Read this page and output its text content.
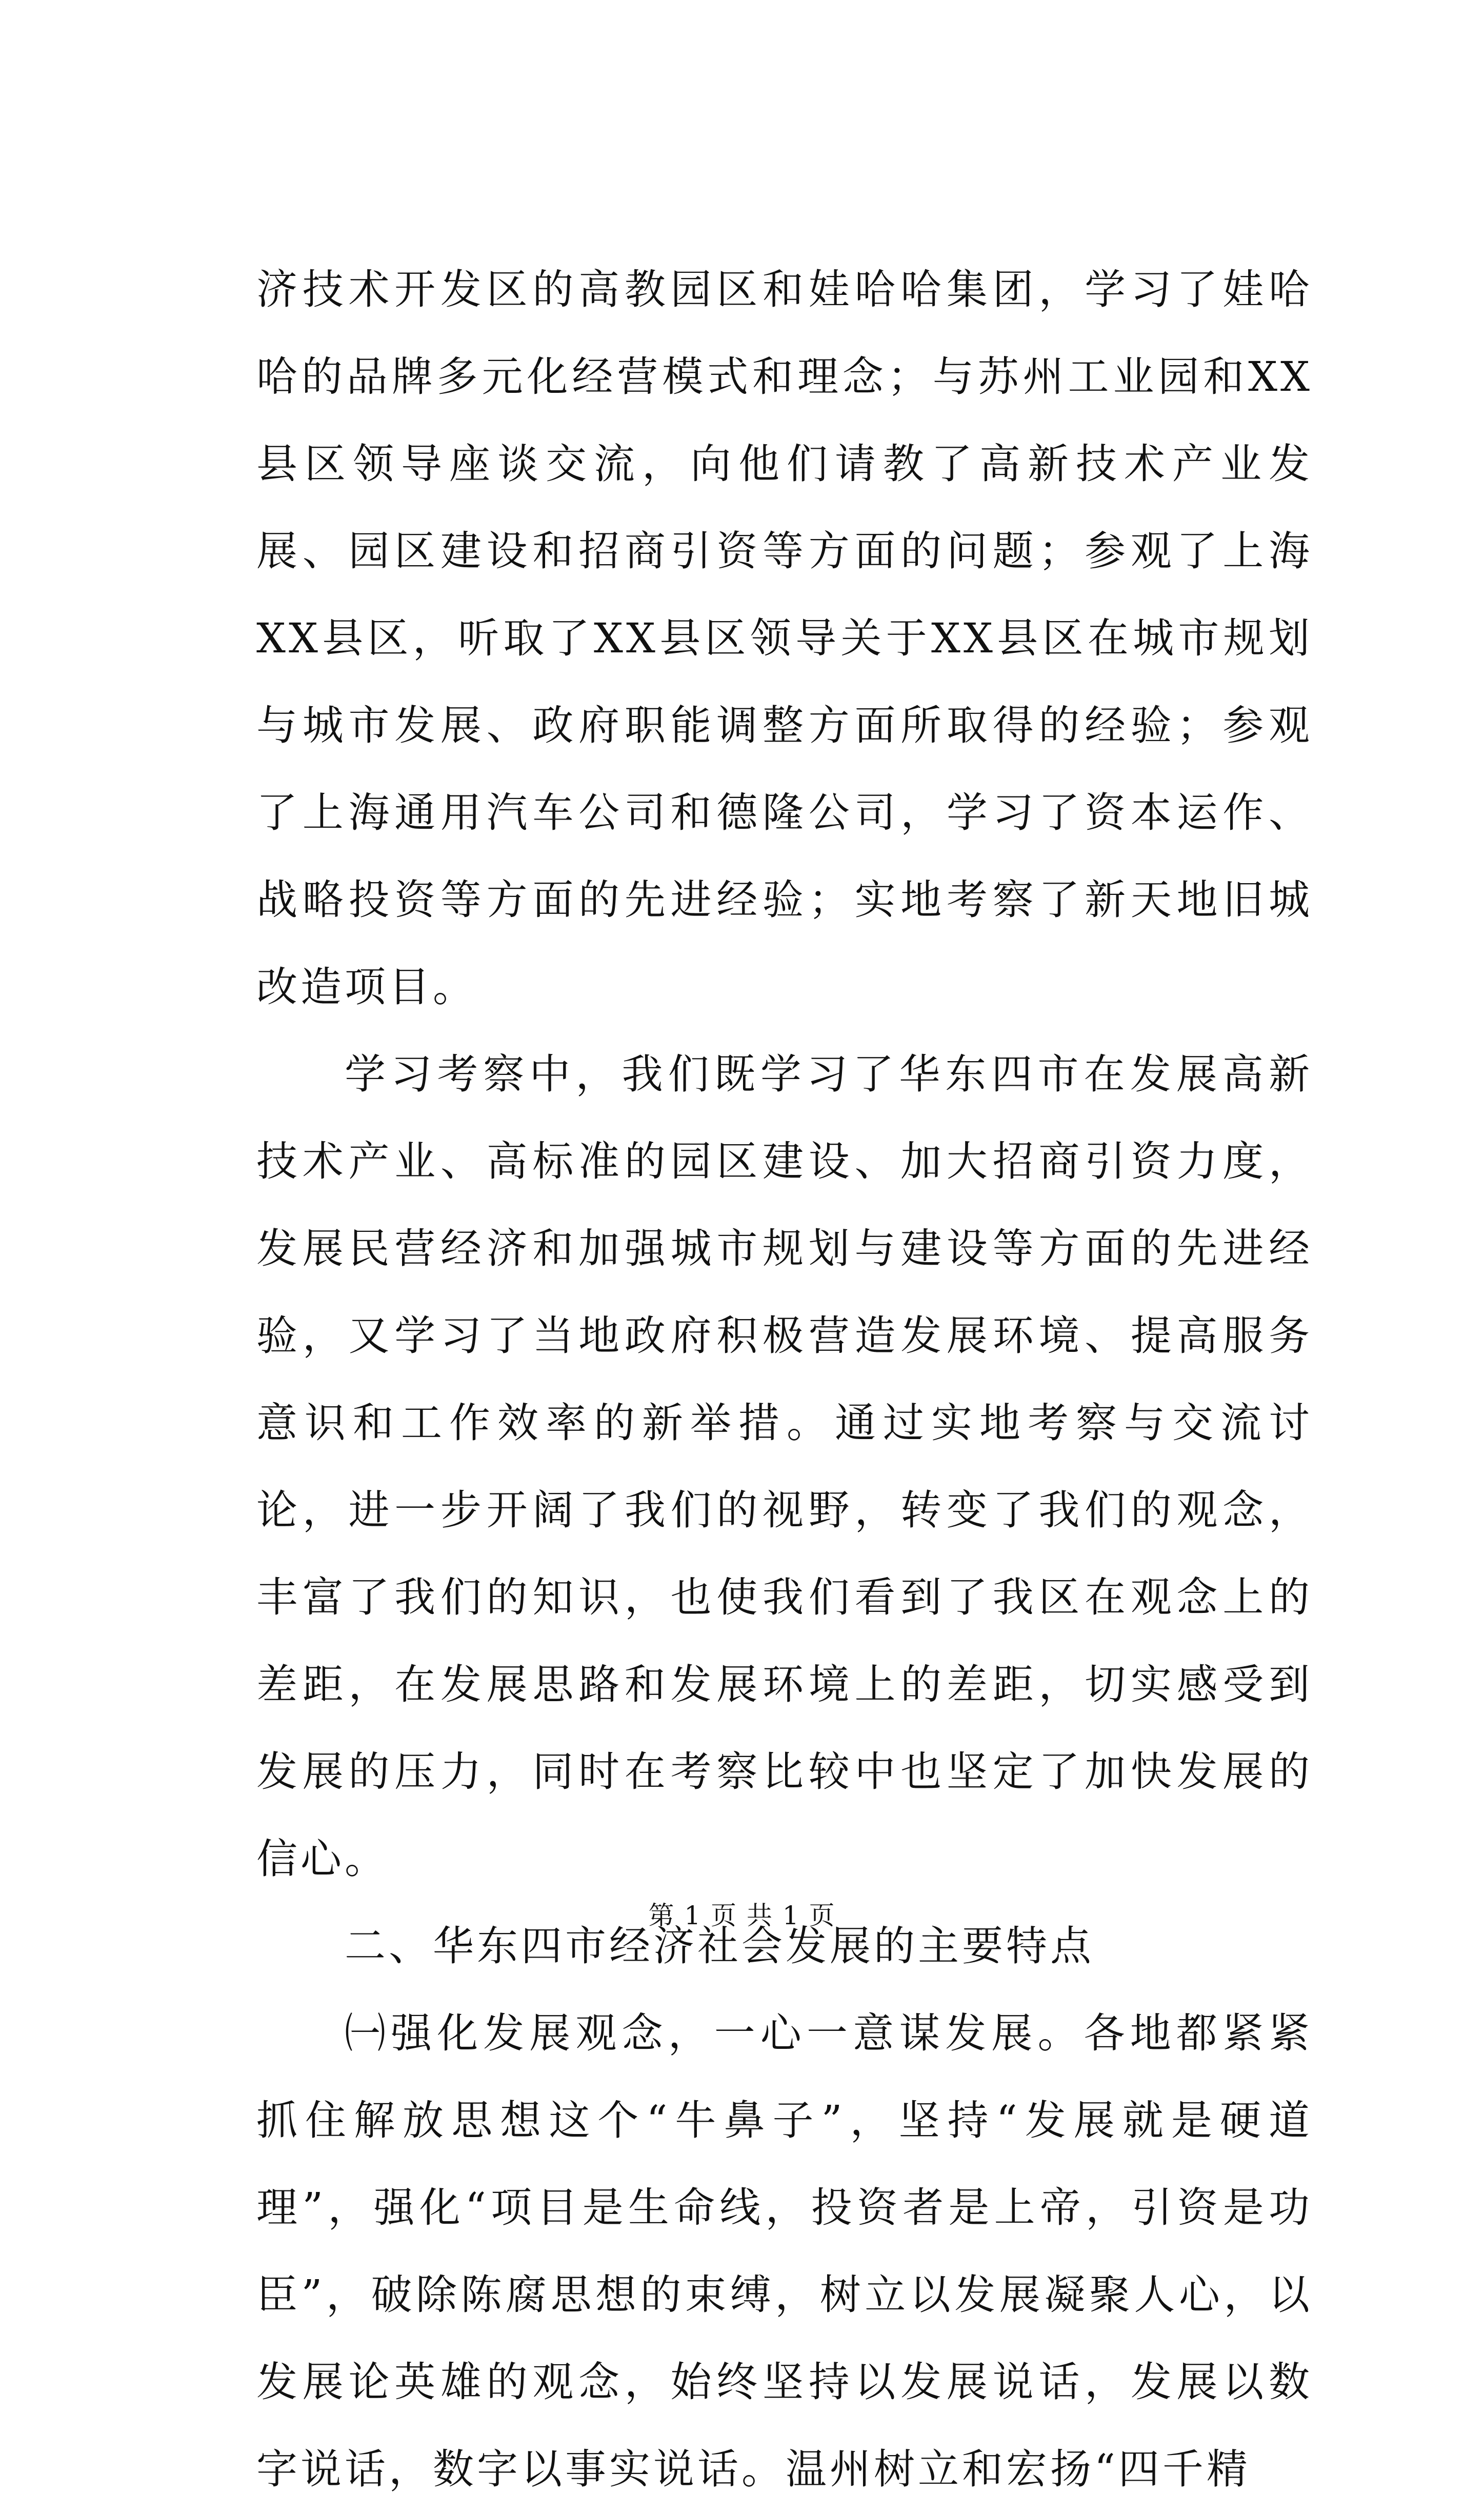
济技术开发区的高教园区和娃哈哈集团，学习了娃哈哈的品牌多元化经营模式和理念；与苏州工业园和XX县区领导座谈交流，向他们请教了高新技术产业发展、园区建设和招商引资等方面的问题；参观了上海XX县区，听取了XX县区领导关于XX县区在城市规划与城市发展、政府职能调整方面所取得的经验；参观了上海通用汽车公司和德隆公司，学习了资本运作、战略投资等方面的先进经验；实地考察了新天地旧城改造项目。

学习考察中，我们既学习了华东四市在发展高新技术产业、高标准的园区建设、加大招商引资力度，发展民营经济和加强城市规划与建设等方面的先进经验，又学习了当地政府积极营造发展环境、提高服务意识和工作效率的新举措。通过实地考察与交流讨论，进一步开阔了我们的视野，转变了我们的观念，丰富了我们的知识，也使我们看到了我区在观念上的差距，在发展思路和发展环境上的差距，切实感受到发展的压力，同时在考察比较中也坚定了加快发展的信心。

二、华东四市经济社会发展的主要特点

㈠强化发展观念，一心一意谋发展。各地都紧紧抓住解放思想这个“牛鼻子”，坚持“发展就是硬道理”，强化“项目是生命线，投资者是上帝，引资是功臣”，破除陈腐思想的束缚，树立以发展凝聚人心，以发展论英雄的观念，始终坚持以发展说话，发展以数字说话，数字以事实说话。温州树立和宏扬“四千精

第 1 页 共 1 页
